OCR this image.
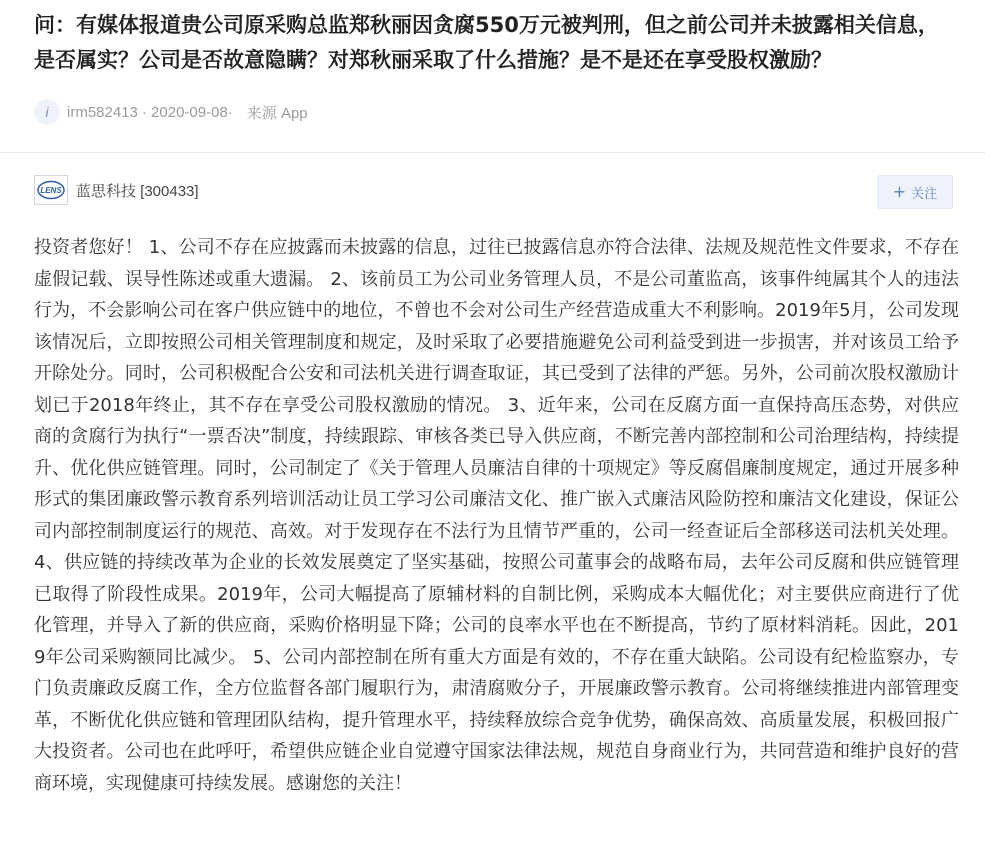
问：有媒体报道贵公司原采购总监郑秋丽因贪腐550万元被判刑，但之前公司并未披露相关信息，是否属实？公司是否故意隐瞒？对郑秋丽采取了什么措施？是不是还在享受股权激励？
i	irm582413 · 2020-09-08· 来源 App
LENS 蓝思科技 [300433]	+ 关注
投资者您好！ 1、公司不存在应披露而未披露的信息，过往已披露信息亦符合法律、法规及规范性文件要求，不存在虚假记载、误导性陈述或重大遗漏。 2、该前员工为公司业务管理人员，不是公司董监高，该事件纯属其个人的违法行为，不会影响公司在客户供应链中的地位，不曾也不会对公司生产经营造成重大不利影响。2019年5月，公司发现该情况后，立即按照公司相关管理制度和规定，及时采取了必要措施避免公司利益受到进一步损害，并对该员工给予开除处分。同时，公司积极配合公安和司法机关进行调查取证，其已受到了法律的严惩。另外，公司前次股权激励计划已于2018年终止，其不存在享受公司股权激励的情况。 3、近年来，公司在反腐方面一直保持高压态势，对供应商的贪腐行为执行“一票否决”制度，持续跟踪、审核各类已导入供应商，不断完善内部控制和公司治理结构，持续提升、优化供应链管理。同时，公司制定了《关于管理人员廉洁自律的十项规定》等反腐倡廉制度规定，通过开展多种形式的集团廉政警示教育系列培训活动让员工学习公司廉洁文化、推广嵌入式廉洁风险防控和廉洁文化建设，保证公司内部控制制度运行的规范、高效。对于发现存在不法行为且情节严重的，公司一经查证后全部移送司法机关处理。 4、供应链的持续改革为企业的长效发展奠定了坚实基础，按照公司董事会的战略布局，去年公司反腐和供应链管理已取得了阶段性成果。2019年，公司大幅提高了原辅材料的自制比例，采购成本大幅优化；对主要供应商进行了优化管理，并导入了新的供应商，采购价格明显下降；公司的良率水平也在不断提高，节约了原材料消耗。因此，2019年公司采购额同比减少。 5、公司内部控制在所有重大方面是有效的，不存在重大缺陷。公司设有纪检监察办，专门负责廉政反腐工作，全方位监督各部门履职行为，肃清腐败分子，开展廉政警示教育。公司将继续推进内部管理变革，不断优化供应链和管理团队结构，提升管理水平，持续释放综合竞争优势，确保高效、高质量发展，积极回报广大投资者。公司也在此呼吁，希望供应链企业自觉遵守国家法律法规，规范自身商业行为，共同营造和维护良好的营商环境，实现健康可持续发展。感谢您的关注！
